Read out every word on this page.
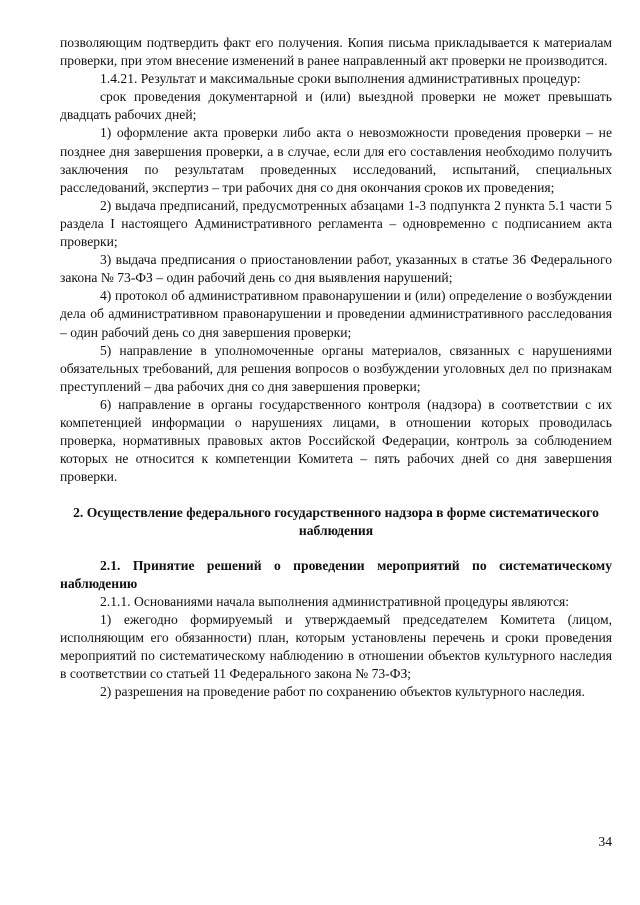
позволяющим подтвердить факт его получения. Копия письма прикладывается к материалам проверки, при этом внесение изменений в ранее направленный акт проверки не производится.

1.4.21. Результат и максимальные сроки выполнения административных процедур:

срок проведения документарной и (или) выездной проверки не может превышать двадцать рабочих дней;

1) оформление акта проверки либо акта о невозможности проведения проверки – не позднее дня завершения проверки, а в случае, если для его составления необходимо получить заключения по результатам проведенных исследований, испытаний, специальных расследований, экспертиз – три рабочих дня со дня окончания сроков их проведения;

2) выдача предписаний, предусмотренных абзацами 1-3 подпункта 2 пункта 5.1 части 5 раздела I настоящего Административного регламента – одновременно с подписанием акта проверки;

3) выдача предписания о приостановлении работ, указанных в статье 36 Федерального закона № 73-ФЗ – один рабочий день со дня выявления нарушений;

4) протокол об административном правонарушении и (или) определение о возбуждении дела об административном правонарушении и проведении административного расследования – один рабочий день со дня завершения проверки;

5) направление в уполномоченные органы материалов, связанных с нарушениями обязательных требований, для решения вопросов о возбуждении уголовных дел по признакам преступлений – два рабочих дня со дня завершения проверки;

6) направление в органы государственного контроля (надзора) в соответствии с их компетенцией информации о нарушениях лицами, в отношении которых проводилась проверка, нормативных правовых актов Российской Федерации, контроль за соблюдением которых не относится к компетенции Комитета – пять рабочих дней со дня завершения проверки.

2. Осуществление федерального государственного надзора в форме систематического наблюдения

2.1. Принятие решений о проведении мероприятий по систематическому наблюдению

2.1.1. Основаниями начала выполнения административной процедуры являются:

1) ежегодно формируемый и утверждаемый председателем Комитета (лицом, исполняющим его обязанности) план, которым установлены перечень и сроки проведения мероприятий по систематическому наблюдению в отношении объектов культурного наследия в соответствии со статьей 11 Федерального закона № 73-ФЗ;

2) разрешения на проведение работ по сохранению объектов культурного наследия.

34
